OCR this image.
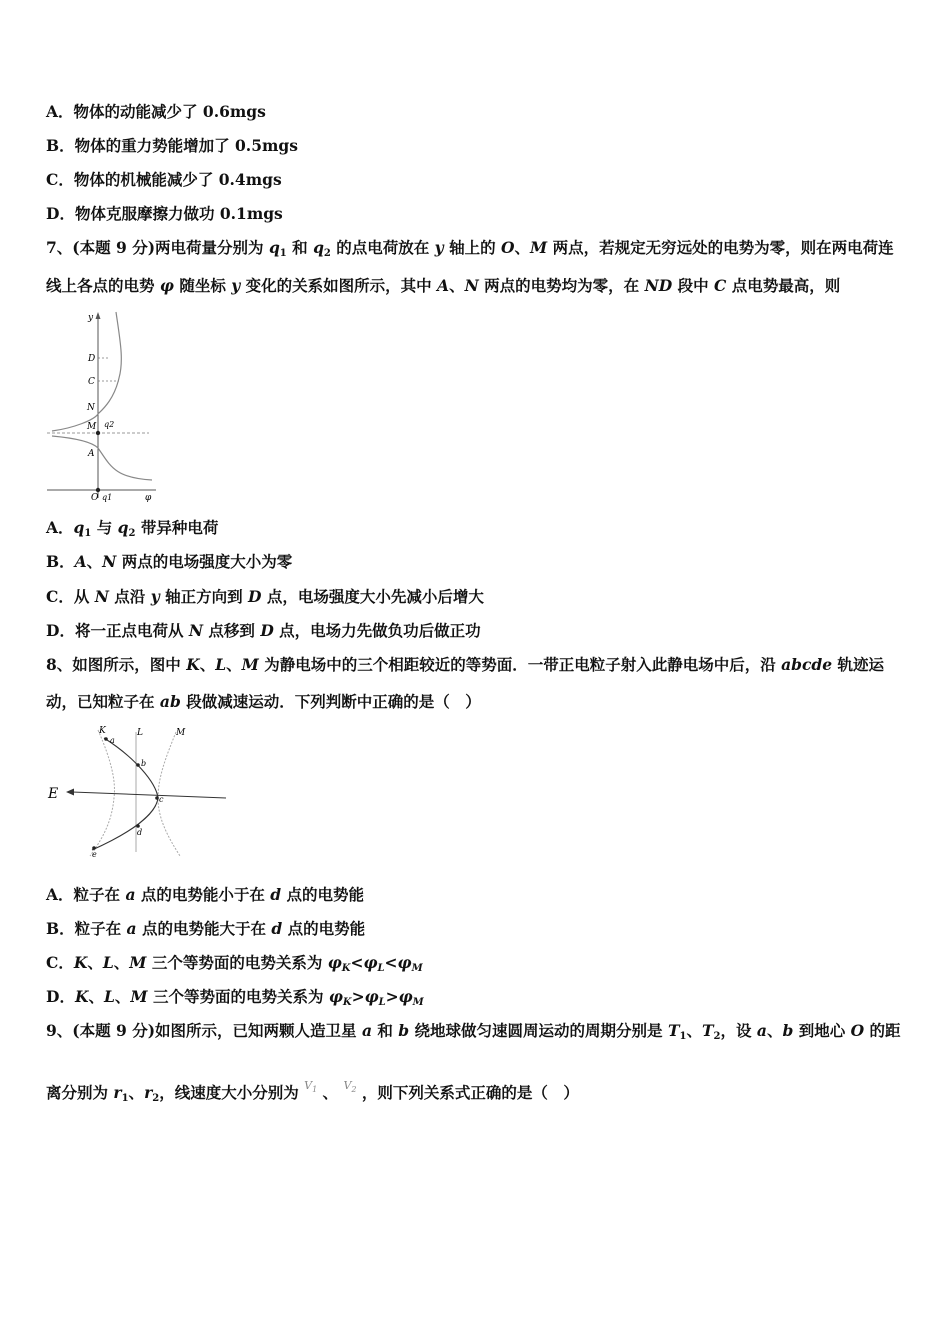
A．物体的动能减少了 0.6mgs
B．物体的重力势能增加了 0.5mgs
C．物体的机械能减少了 0.4mgs
D．物体克服摩擦力做功 0.1mgs
7、(本题 9 分)两电荷量分别为 $q_1$ 和 $q_2$ 的点电荷放在 y 轴上的 O、M 两点，若规定无穷远处的电势为零，则在两电荷连
线上各点的电势 φ 随坐标 y 变化的关系如图所示，其中 A、N 两点的电势均为零，在 ND 段中 C 点电势最高，则
y
D
C
N
M q2
A
O q1	φ
A．$q_1$ 与 $q_2$ 带异种电荷
B．A、N 两点的电场强度大小为零
C．从 N 点沿 y 轴正方向到 D 点，电场强度大小先减小后增大
D．将一正点电荷从 N 点移到 D 点，电场力先做负功后做正功
8、如图所示，图中 K、L、M 为静电场中的三个相距较近的等势面．一带正电粒子射入此静电场中后，沿 abcde 轨迹运
动，已知粒子在 ab 段做减速运动．下列判断中正确的是（　）
K	L	M
E
a
b
c
d
e
A．粒子在 a 点的电势能小于在 d 点的电势能
B．粒子在 a 点的电势能大于在 d 点的电势能
C．K、L、M 三个等势面的电势关系为 $\varphi_K<\varphi_L<\varphi_M$
D．K、L、M 三个等势面的电势关系为 $\varphi_K>\varphi_L>\varphi_M$
9、(本题 9 分)如图所示，已知两颗人造卫星 a 和 b 绕地球做匀速圆周运动的周期分别是 $T_1$、$T_2$，设 a、b 到地心 O 的距
离分别为 $r_1$、$r_2$，线速度大小分别为 $^{V_1}$ 、 $^{V_2}$ ，则下列关系式正确的是（　）
